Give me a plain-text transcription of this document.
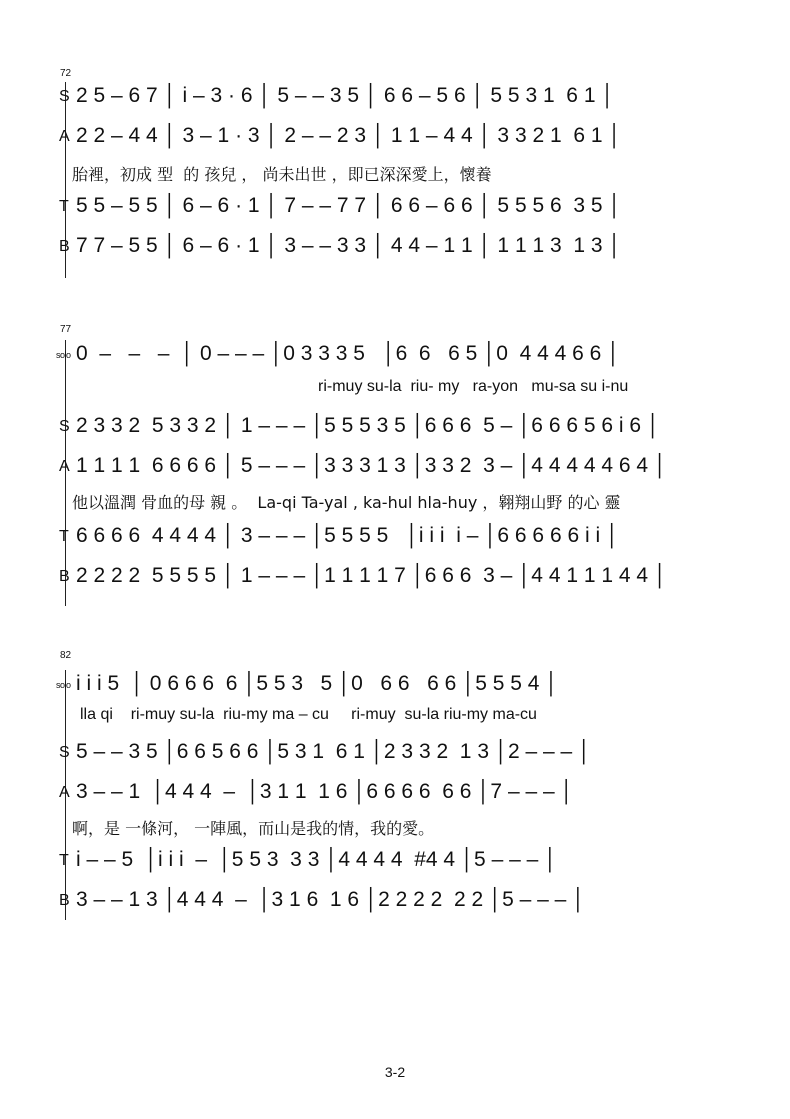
72
S 2 5 – 6 7 │ i – 3 · 6 │ 5 – – 3 5 │ 6 6 – 5 6 │ 5 5 3 1  6 1 │
A 2 2 – 4 4 │ 3 – 1 · 3 │ 2 – – 2 3 │ 1 1 – 4 4 │ 3 3 2 1  6 1 │
胎裡，初成 型  的 孩兒 ， 尚未出世 ，即已深深愛上，懷養
T 5 5 – 5 5 │ 6 – 6 · 1 │ 7 – – 7 7 │ 6 6 – 6 6 │ 5 5 5 6  3 5 │
B 7 7 – 5 5 │ 6 – 6 · 1 │ 3 – – 3 3 │ 4 4 – 1 1 │ 1 1 1 3  1 3 │
77
solo 0  –   –   –  │ 0 – – – │0 3 3 3 5   │6  6   6 5 │0  4 4 4 6 6 │
ri-muy su-la  riu- my   ra-yon   mu-sa su i-nu
S 2 3 3 2  5 3 3 2 │ 1 – – – │5 5 5 3 5 │6 6 6  5 – │6 6 6 5 6 i 6 │
A 1 1 1 1  6 6 6 6 │ 5 – – – │3 3 3 1 3 │3 3 2  3 – │4 4 4 4 4 6 4 │
他以溫潤 骨血的母 親 。  La-qi Ta-yal , ka-hul hla-huy ，翱翔山野 的心 靈
T 6 6 6 6  4 4 4 4 │ 3 – – – │5 5 5 5   │i i i  i – │6 6 6 6 6 i i │
B 2 2 2 2  5 5 5 5 │ 1 – – – │1 1 1 1 7 │6 6 6  3 – │4 4 1 1 1 4 4 │
82
solo i i i 5  │ 0 6 6 6  6 │5 5 3   5 │0   6 6   6 6 │5 5 5 4 │
lla qi    ri-muy su-la  riu-my ma – cu     ri-muy  su-la riu-my ma-cu
S 5 – – 3 5 │6 6 5 6 6 │5 3 1  6 1 │2 3 3 2  1 3 │2 – – – │
A 3 – – 1  │4 4 4  –  │3 1 1  1 6 │6 6 6 6  6 6 │7 – – – │
啊，是 一條河， 一陣風，而山是我的情，我的愛。
T i – – 5  │i i i  –  │5 5 3  3 3 │4 4 4 4  #4 4 │5 – – – │
B 3 – – 1 3 │4 4 4  –  │3 1 6  1 6 │2 2 2 2  2 2 │5 – – – │
3-2
